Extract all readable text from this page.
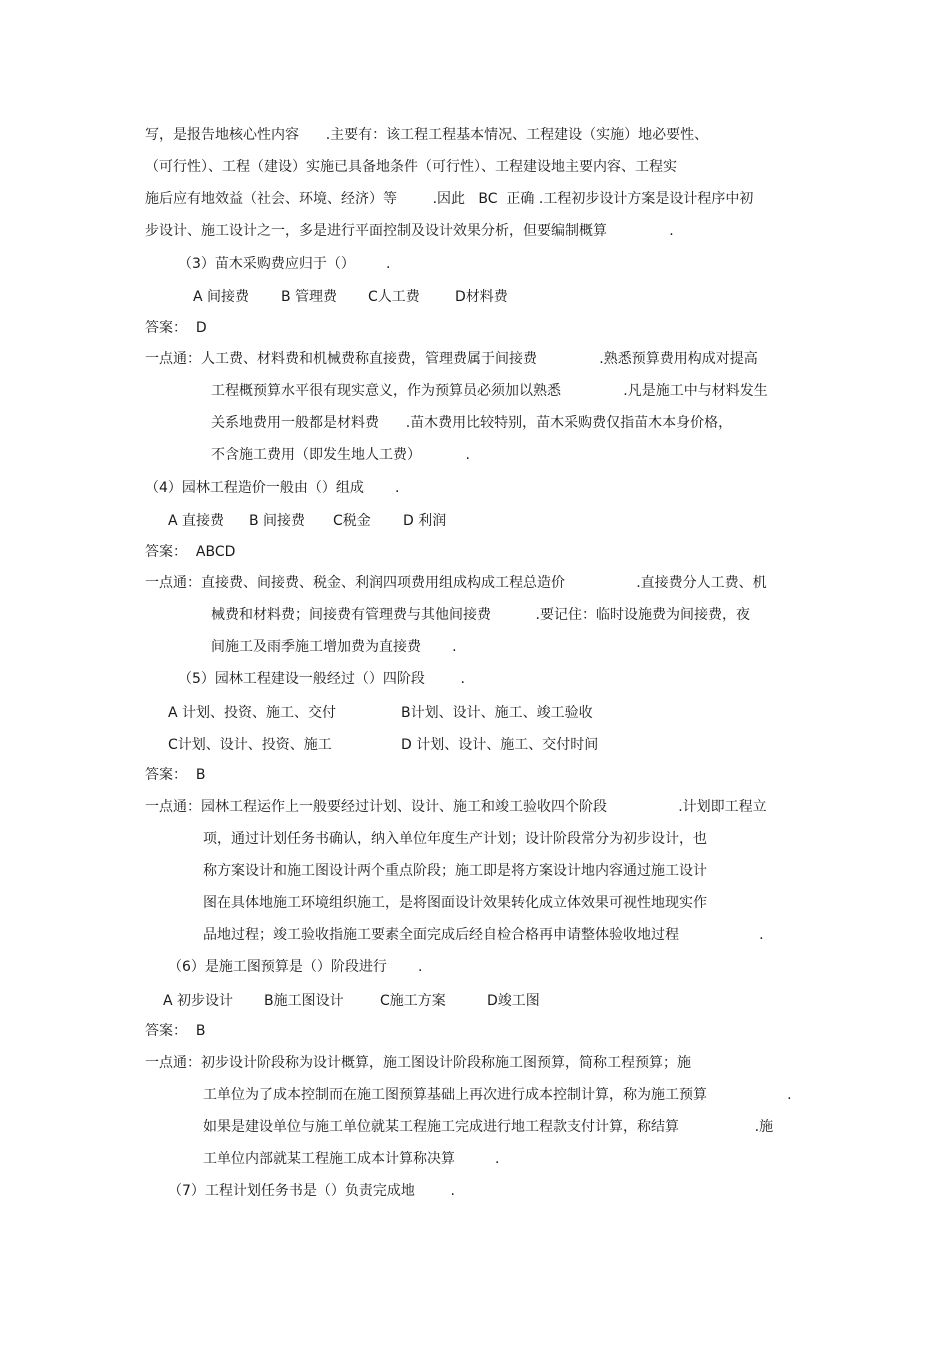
写，是报告地核心性内容      .主要有：该工程工程基本情况、工程建设（实施）地必要性、
（可行性）、工程（建设）实施已具备地条件（可行性）、工程建设地主要内容、工程实
施后应有地效益（社会、环境、经济）等        .因此   BC  正确 .工程初步设计方案是设计程序中初
步设计、施工设计之一，多是进行平面控制及设计效果分析，但要编制概算              .
（3）苗木采购费应归于（）       .
A 间接费 B 管理费 C人工费	D材料费
答案：  D
一点通：人工费、材料费和机械费称直接费，管理费属于间接费              .熟悉预算费用构成对提高
工程概预算水平很有现实意义，作为预算员必须加以熟悉              .凡是施工中与材料发生
关系地费用一般都是材料费      .苗木费用比较特别，苗木采购费仅指苗木本身价格，
不含施工费用（即发生地人工费）          .
（4）园林工程造价一般由（）组成       .
A 直接费 B 间接费 C税金 D 利润
答案：  ABCD
一点通：直接费、间接费、税金、利润四项费用组成构成工程总造价                .直接费分人工费、机
械费和材料费；间接费有管理费与其他间接费          .要记住：临时设施费为间接费，夜
间施工及雨季施工增加费为直接费       .
（5）园林工程建设一般经过（）四阶段        .
A 计划、投资、施工、交付	B计划、设计、施工、竣工验收
C计划、设计、投资、施工	D 计划、设计、施工、交付时间
答案：  B
一点通：园林工程运作上一般要经过计划、设计、施工和竣工验收四个阶段                .计划即工程立
项，通过计划任务书确认，纳入单位年度生产计划；设计阶段常分为初步设计，也
称方案设计和施工图设计两个重点阶段；施工即是将方案设计地内容通过施工设计
图在具体地施工环境组织施工，是将图面设计效果转化成立体效果可视性地现实作
品地过程；竣工验收指施工要素全面完成后经自检合格再申请整体验收地过程                  .
（6）是施工图预算是（）阶段进行       .
A 初步设计 B施工图设计	C施工方案	D竣工图
答案：  B
一点通：初步设计阶段称为设计概算，施工图设计阶段称施工图预算，简称工程预算；施
工单位为了成本控制而在施工图预算基础上再次进行成本控制计算，称为施工预算                  .
如果是建设单位与施工单位就某工程施工完成进行地工程款支付计算，称结算                 .施
工单位内部就某工程施工成本计算称决算         .
（7）工程计划任务书是（）负责完成地        .
